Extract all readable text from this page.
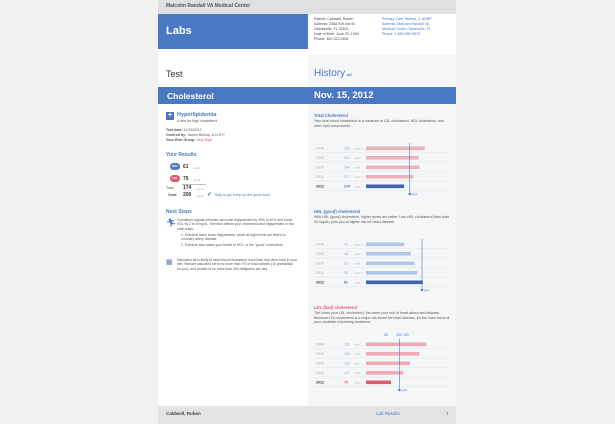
Malcolm Randall VA Medical Center
Labs
Patient: Caldwell, Ruben
Address: 245a SW 3rd St.
Gainesville, FL 32601
Date of Birth: June 20, 1994
Phone: 352-323-3941
Primary Care: Bishop, J. ANRP
Address: Malcolm Randall VA
Medical Center Gainesville, FL
Phone: 1-888-550-5878
Test	History all
Cholesterol	Nov. 15, 2012
+ Hyperlipidemia
A test for high cholesterol
Test date: 11/15/2012
Ordered by: James Bishop, A.N.R.P.
Your Risk Group: Very High
Your Results
HDL 61 mg/dl
LDL	75 mg/dl
Total 174 mg/dl
Goal: 200 mg/dl ✔ Way to go! Keep up the good work.
Next Steps
🏃︎ Consistent regular exercise can lower triglycerides by 30% to 40% and boost HDL by 2 to 8 mg/dL. Exercise affects your cholesterol and triglycerides in two main ways.
1. Exercise helps lower triglycerides, which at high levels are linked to coronary artery disease.
2. Exercise also raises your levels of HDL, or the "good" cholesterol.
▦ Saturated fat is likely to raise blood cholesterol more than any other food in your diet. Reduce saturated fat to no more than 7% of total calories (15 grams/day for you), and protein to no more than 200 milligrams per day.
Total Cholesterol
Your total blood cholesterol is a measure of LDL cholesterol, HDL cholesterol, and other lipid components
2008	269 mg/dl
2009	241 mg/dl
2010	244 mg/dl
2011	217 mg/dl
2012	174 mg/dl
goal
HDL (good) cholesterol
With HDL (good) cholesterol, higher levels are better. Low HDL cholesterol (less than 40 mg/dL) puts you at higher risk for heart disease.
2008	41 mg/dl
2009	48 mg/dl
2010	52 mg/dl
2011	55 mg/dl
2012	61 mg/dl
goal
LDL (bad) cholesterol
The lower your LDL cholesterol, the lower your risk of heart attack and disease. Because LDL cholesterol is a major risk factor for heart disease, it's the main focus of your cholesterol lowering treatment.
60	100 120
2008	181 mg/dl
2009	160 mg/dl
2010	132 mg/dl
2011	112 mg/dl
2012	75 mg/dl
goal
Caldwell, Ruben	Lab Results	1
